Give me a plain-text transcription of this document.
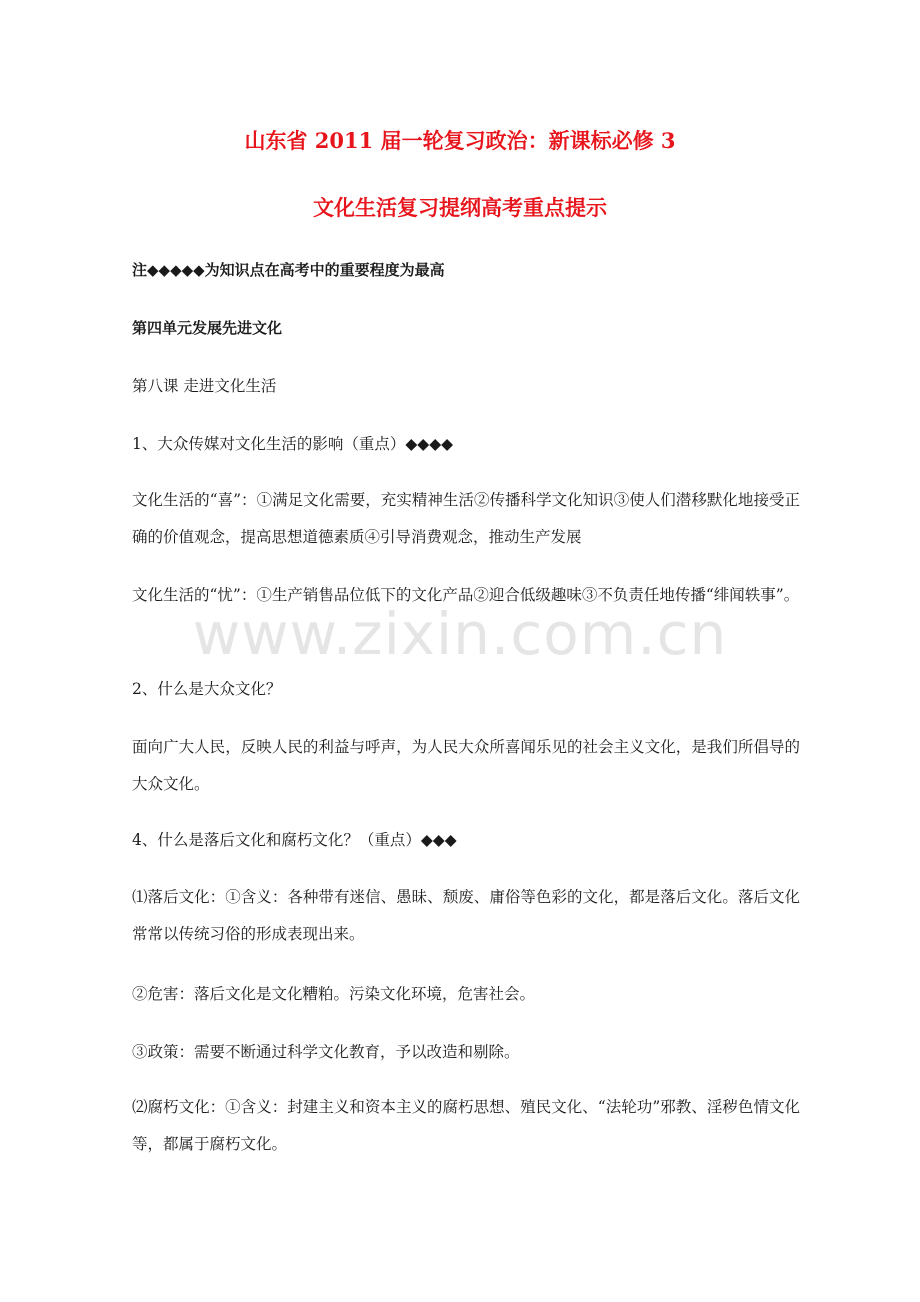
山东省 2011 届一轮复习政治：新课标必修 3
文化生活复习提纲高考重点提示
注◆◆◆◆◆为知识点在高考中的重要程度为最高
第四单元发展先进文化
第八课 走进文化生活
1、大众传媒对文化生活的影响（重点）◆◆◆◆
文化生活的“喜”：①满足文化需要，充实精神生活②传播科学文化知识③使人们潜移默化地接受正确的价值观念，提高思想道德素质④引导消费观念，推动生产发展
文化生活的“忧”：①生产销售品位低下的文化产品②迎合低级趣味③不负责任地传播“绯闻轶事”。
2、什么是大众文化？
面向广大人民，反映人民的利益与呼声，为人民大众所喜闻乐见的社会主义文化，是我们所倡导的大众文化。
4、什么是落后文化和腐朽文化？（重点）◆◆◆
⑴落后文化：①含义：各种带有迷信、愚昧、颓废、庸俗等色彩的文化，都是落后文化。落后文化常常以传统习俗的形成表现出来。
②危害：落后文化是文化糟粕。污染文化环境，危害社会。
③政策：需要不断通过科学文化教育，予以改造和剔除。
⑵腐朽文化：①含义：封建主义和资本主义的腐朽思想、殖民文化、“法轮功”邪教、淫秽色情文化等，都属于腐朽文化。
www.zixin.com.cn
